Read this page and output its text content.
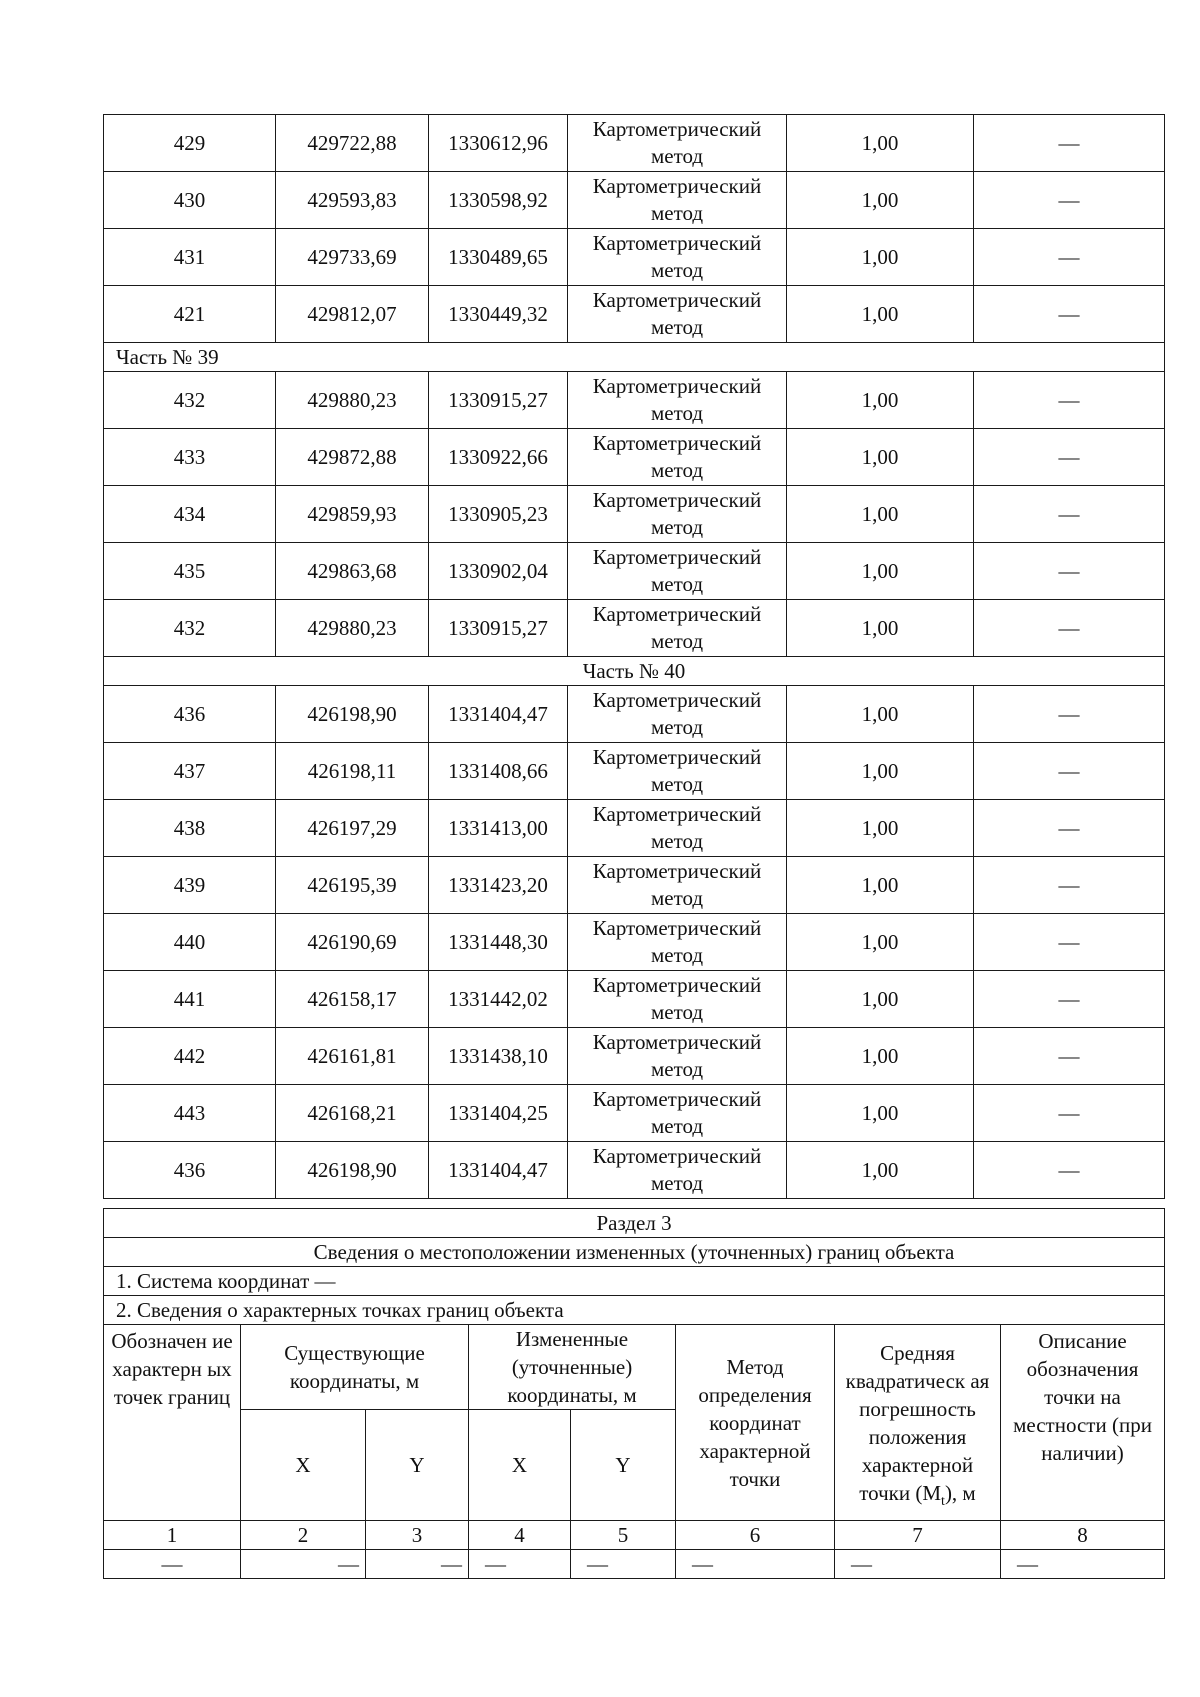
429	429722,88	1330612,96	Картометрический метод	1,00	—
430	429593,83	1330598,92	Картометрический метод	1,00	—
431	429733,69	1330489,65	Картометрический метод	1,00	—
421	429812,07	1330449,32	Картометрический метод	1,00	—
Часть № 39					
432	429880,23	1330915,27	Картометрический метод	1,00	—
433	429872,88	1330922,66	Картометрический метод	1,00	—
434	429859,93	1330905,23	Картометрический метод	1,00	—
435	429863,68	1330902,04	Картометрический метод	1,00	—
432	429880,23	1330915,27	Картометрический метод	1,00	—
Часть № 40					
436	426198,90	1331404,47	Картометрический метод	1,00	—
437	426198,11	1331408,66	Картометрический метод	1,00	—
438	426197,29	1331413,00	Картометрический метод	1,00	—
439	426195,39	1331423,20	Картометрический метод	1,00	—
440	426190,69	1331448,30	Картометрический метод	1,00	—
441	426158,17	1331442,02	Картометрический метод	1,00	—
442	426161,81	1331438,10	Картометрический метод	1,00	—
443	426168,21	1331404,25	Картометрический метод	1,00	—
436	426198,90	1331404,47	Картометрический метод	1,00	—
Раздел 3							
Сведения о местоположении измененных (уточненных) границ объекта							
1. Система координат —							
2. Сведения о характерных точках границ объекта							
Обозначен ие характерн ых точек границ	Существующие координаты, м		Измененные (уточненные) координаты, м		Метод определения координат характерной точки	Средняя квадратическ ая погрешность положения характерной точки $(M_t)$, м	Описание обозначения точки на местности (при наличии)
	X	Y	X	Y			
1	2	3	4	5	6	7	8
—	—	—	—	—	—	—	—
